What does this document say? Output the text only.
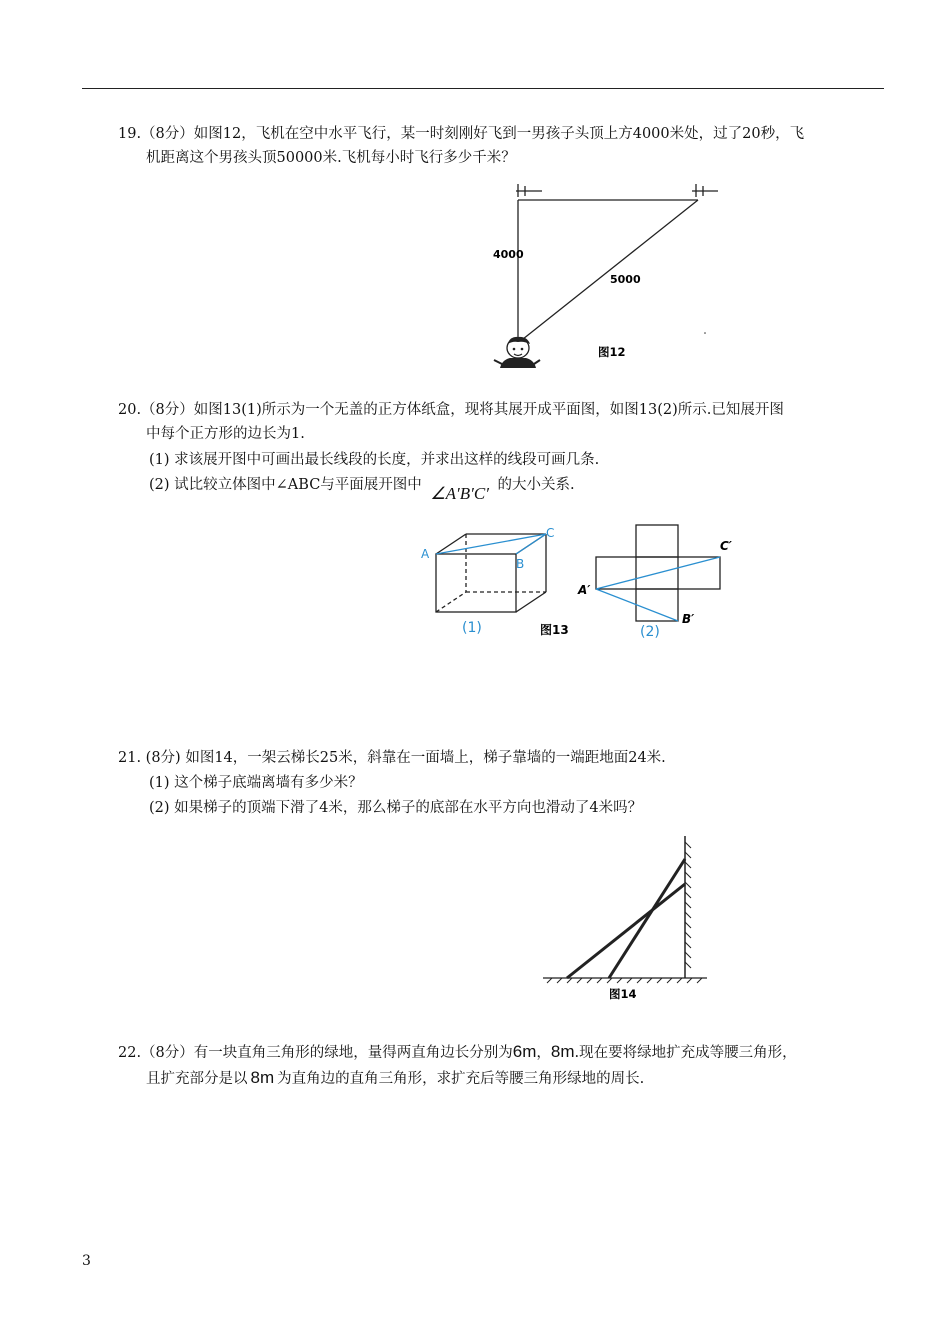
19.（8分）如图12，飞机在空中水平飞行，某一时刻刚好飞到一男孩子头顶上方4000米处，过了20秒，飞
机距离这个男孩头顶50000米.飞机每小时飞行多少千米？
4000
5000
图12
20.（8分）如图13(1)所示为一个无盖的正方体纸盒，现将其展开成平面图，如图13(2)所示.已知展开图
中每个正方形的边长为1.
(1) 求该展开图中可画出最长线段的长度，并求出这样的线段可画几条.
(2) 试比较立体图中∠ABC与平面展开图中 ∠A′B′C′ 的大小关系.
A
B
C
(1)	图13
A′
B′
C′
(2)
21. (8分) 如图14，一架云梯长25米，斜靠在一面墙上，梯子靠墙的一端距地面24米.
(1) 这个梯子底端离墙有多少米？
(2) 如果梯子的顶端下滑了4米，那么梯子的底部在水平方向也滑动了4米吗？
图14
22.（8分）有一块直角三角形的绿地，量得两直角边长分别为6m，8m.现在要将绿地扩充成等腰三角形，
且扩充部分是以 8m 为直角边的直角三角形，求扩充后等腰三角形绿地的周长.
3
